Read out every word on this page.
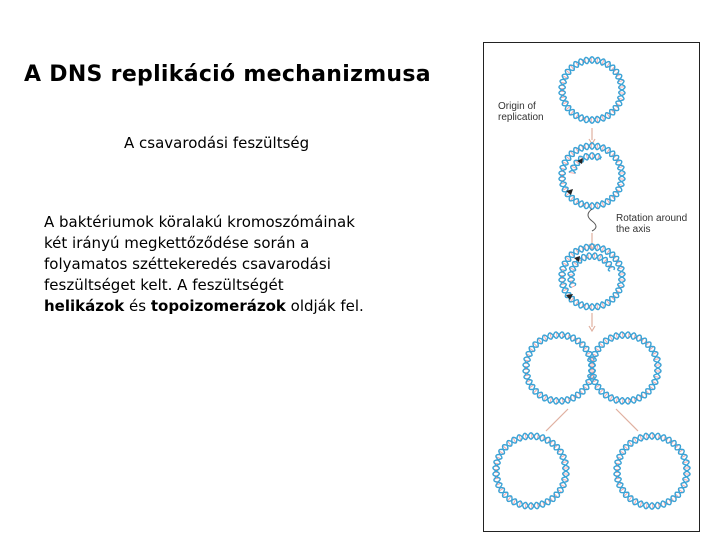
A DNS replikáció mechanizmusa
A csavarodási feszültség
A baktériumok köralakú kromoszómáinak
két irányú megkettőződése során a
folyamatos széttekeredés csavarodási
feszültséget kelt. A feszültségét
helikázok és topoizomerázok oldják fel.
Origin of
replication
Rotation around
the axis
